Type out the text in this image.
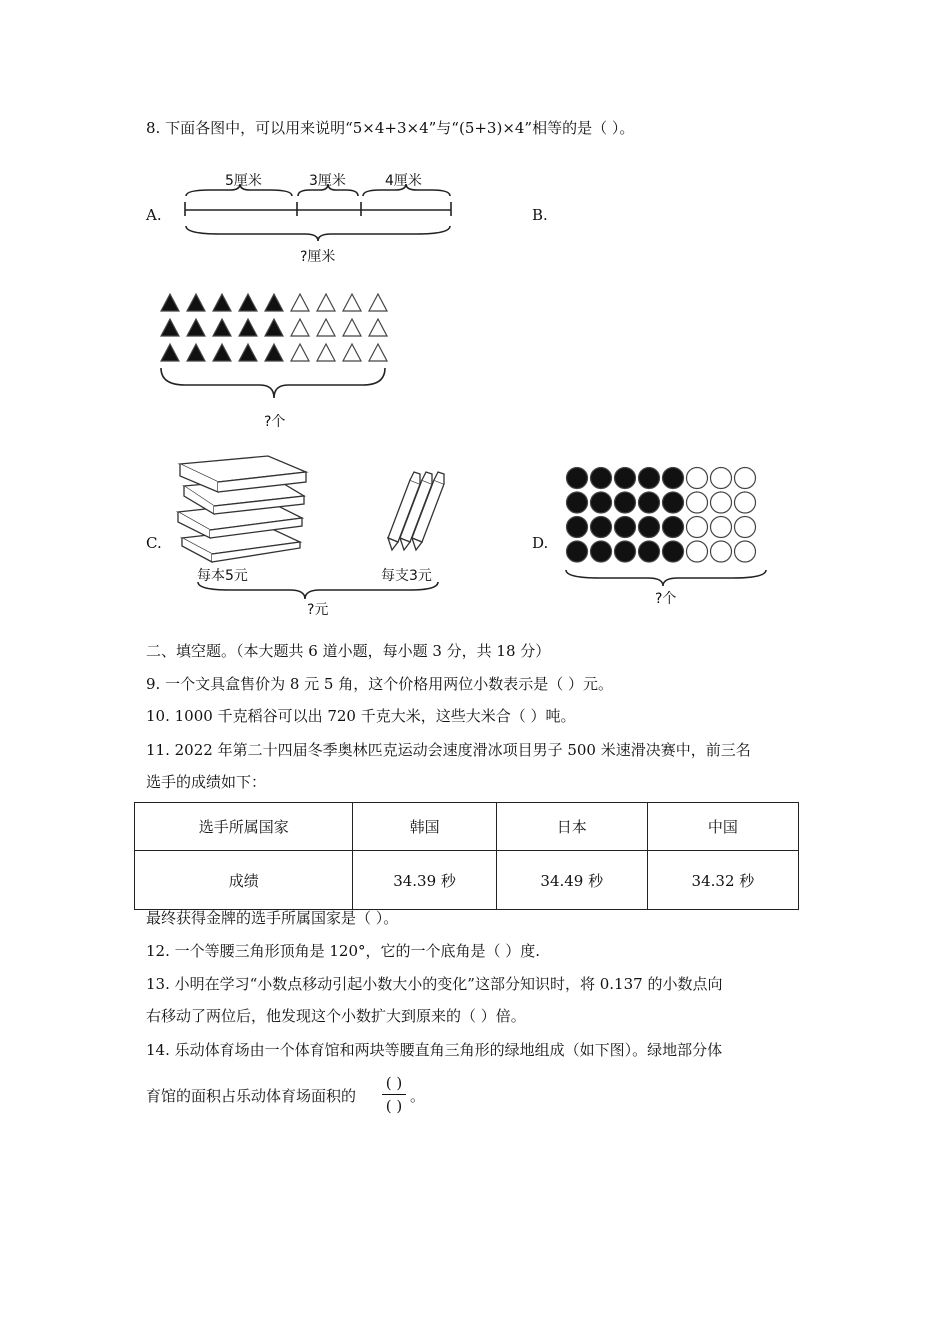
8. 下面各图中，可以用来说明“5×4+3×4”与“(5+3)×4”相等的是（ ）。
A.	B.
C.	D.
5厘米	3厘米	4厘米
?厘米
?个
每本5元	每支3元
?元
?个
二、填空题。（本大题共 6 道小题，每小题 3 分，共 18 分）
9. 一个文具盒售价为 8 元 5 角，这个价格用两位小数表示是（ ）元。
10. 1000 千克稻谷可以出 720 千克大米，这些大米合（ ）吨。
11. 2022 年第二十四届冬季奥林匹克运动会速度滑冰项目男子 500 米速滑决赛中，前三名
选手的成绩如下：
选手所属国家	韩国	日本	中国
成绩	34.39 秒	34.49 秒	34.32 秒
最终获得金牌的选手所属国家是（ ）。
12. 一个等腰三角形顶角是 120°，它的一个底角是（ ）度.
13. 小明在学习“小数点移动引起小数大小的变化”这部分知识时，将 0.137 的小数点向
右移动了两位后，他发现这个小数扩大到原来的（ ）倍。
14. 乐动体育场由一个体育馆和两块等腰直角三角形的绿地组成（如下图）。绿地部分体
育馆的面积占乐动体育场面积的
( )
( )
。
